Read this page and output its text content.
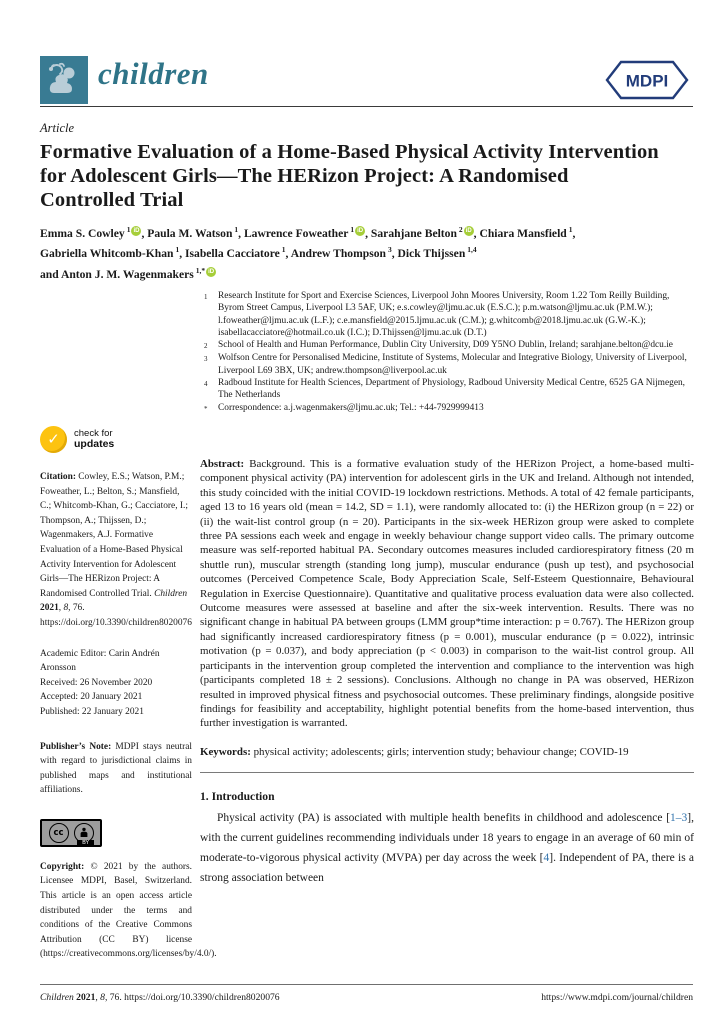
children	MDPI
Article
Formative Evaluation of a Home-Based Physical Activity Intervention for Adolescent Girls—The HERizon Project: A Randomised Controlled Trial
Emma S. Cowley $^1$ iD , Paula M. Watson $^1$, Lawrence Foweather $^1$ iD , Sarahjane Belton $^2$ iD , Chiara Mansfield $^1$,
Gabriella Whitcomb-Khan $^1$, Isabella Cacciatore $^1$, Andrew Thompson $^3$, Dick Thijssen $^{1,4}$
and Anton J. M. Wagenmakers $^{1,*}$ iD
1	Research Institute for Sport and Exercise Sciences, Liverpool John Moores University, Room 1.22 Tom Reilly Building, Byrom Street Campus, Liverpool L3 5AF, UK; e.s.cowley@ljmu.ac.uk (E.S.C.); p.m.watson@ljmu.ac.uk (P.M.W.); l.foweather@ljmu.ac.uk (L.F.); c.e.mansfield@2015.ljmu.ac.uk (C.M.); g.whitcomb@2018.ljmu.ac.uk (G.W.-K.); isabellacacciatore@hotmail.co.uk (I.C.); D.Thijssen@ljmu.ac.uk (D.T.)
2	School of Health and Human Performance, Dublin City University, D09 Y5NO Dublin, Ireland; sarahjane.belton@dcu.ie
3	Wolfson Centre for Personalised Medicine, Institute of Systems, Molecular and Integrative Biology, University of Liverpool, Liverpool L69 3BX, UK; andrew.thompson@liverpool.ac.uk
4	Radboud Institute for Health Sciences, Department of Physiology, Radboud University Medical Centre, 6525 GA Nijmegen, The Netherlands
*	Correspondence: a.j.wagenmakers@ljmu.ac.uk; Tel.: +44-7929999413
✓ check for
updates
Citation: Cowley, E.S.; Watson, P.M.; Foweather, L.; Belton, S.; Mansfield, C.; Whitcomb-Khan, G.; Cacciatore, I.; Thompson, A.; Thijssen, D.; Wagenmakers, A.J. Formative Evaluation of a Home-Based Physical Activity Intervention for Adolescent Girls—The HERizon Project: A Randomised Controlled Trial. Children 2021, 8, 76. https://doi.org/10.3390/children8020076
Academic Editor: Carin Andrén Aronsson
Received: 26 November 2020
Accepted: 20 January 2021
Published: 22 January 2021
Publisher’s Note: MDPI stays neutral with regard to jurisdictional claims in published maps and institutional affiliations.
cc
BY
Copyright: © 2021 by the authors. Licensee MDPI, Basel, Switzerland. This article is an open access article distributed under the terms and conditions of the Creative Commons Attribution (CC BY) license (https://creativecommons.org/licenses/by/4.0/).
Abstract: Background. This is a formative evaluation study of the HERizon Project, a home-based multi-component physical activity (PA) intervention for adolescent girls in the UK and Ireland. Although not intended, this study coincided with the initial COVID-19 lockdown restrictions. Methods. A total of 42 female participants, aged 13 to 16 years old (mean = 14.2, SD = 1.1), were randomly allocated to: (i) the HERizon group (n = 22) or (ii) the wait-list control group (n = 20). Participants in the six-week HERizon group were asked to complete three PA sessions each week and engage in weekly behaviour change support video calls. The primary outcome measure was self-reported habitual PA. Secondary outcomes measures included cardiorespiratory fitness (20 m shuttle run), muscular strength (standing long jump), muscular endurance (push up test), and psychosocial outcomes (Perceived Competence Scale, Body Appreciation Scale, Self-Esteem Questionnaire, Behavioural Regulation in Exercise Questionnaire). Quantitative and qualitative process evaluation data were also collected. Outcome measures were assessed at baseline and after the six-week intervention. Results. There was no significant change in habitual PA between groups (LMM group*time interaction: p = 0.767). The HERizon group had significantly increased cardiorespiratory fitness (p = 0.001), muscular endurance (p = 0.022), intrinsic motivation (p = 0.037), and body appreciation (p < 0.003) in comparison to the wait-list control group. All participants in the intervention group completed the intervention and compliance to the intervention was high (participants completed 18 ± 2 sessions). Conclusions. Although no change in PA was observed, HERizon resulted in improved physical fitness and psychosocial outcomes. These preliminary findings, alongside positive findings for feasibility and acceptability, highlight potential benefits from the home-based intervention, thus further investigation is warranted.
Keywords: physical activity; adolescents; girls; intervention study; behaviour change; COVID-19
1. Introduction
Physical activity (PA) is associated with multiple health benefits in childhood and adolescence [1–3], with the current guidelines recommending individuals under 18 years to engage in an average of 60 min of moderate-to-vigorous physical activity (MVPA) per day across the week [4]. Independent of PA, there is a strong association between
Children 2021, 8, 76. https://doi.org/10.3390/children8020076	https://www.mdpi.com/journal/children
